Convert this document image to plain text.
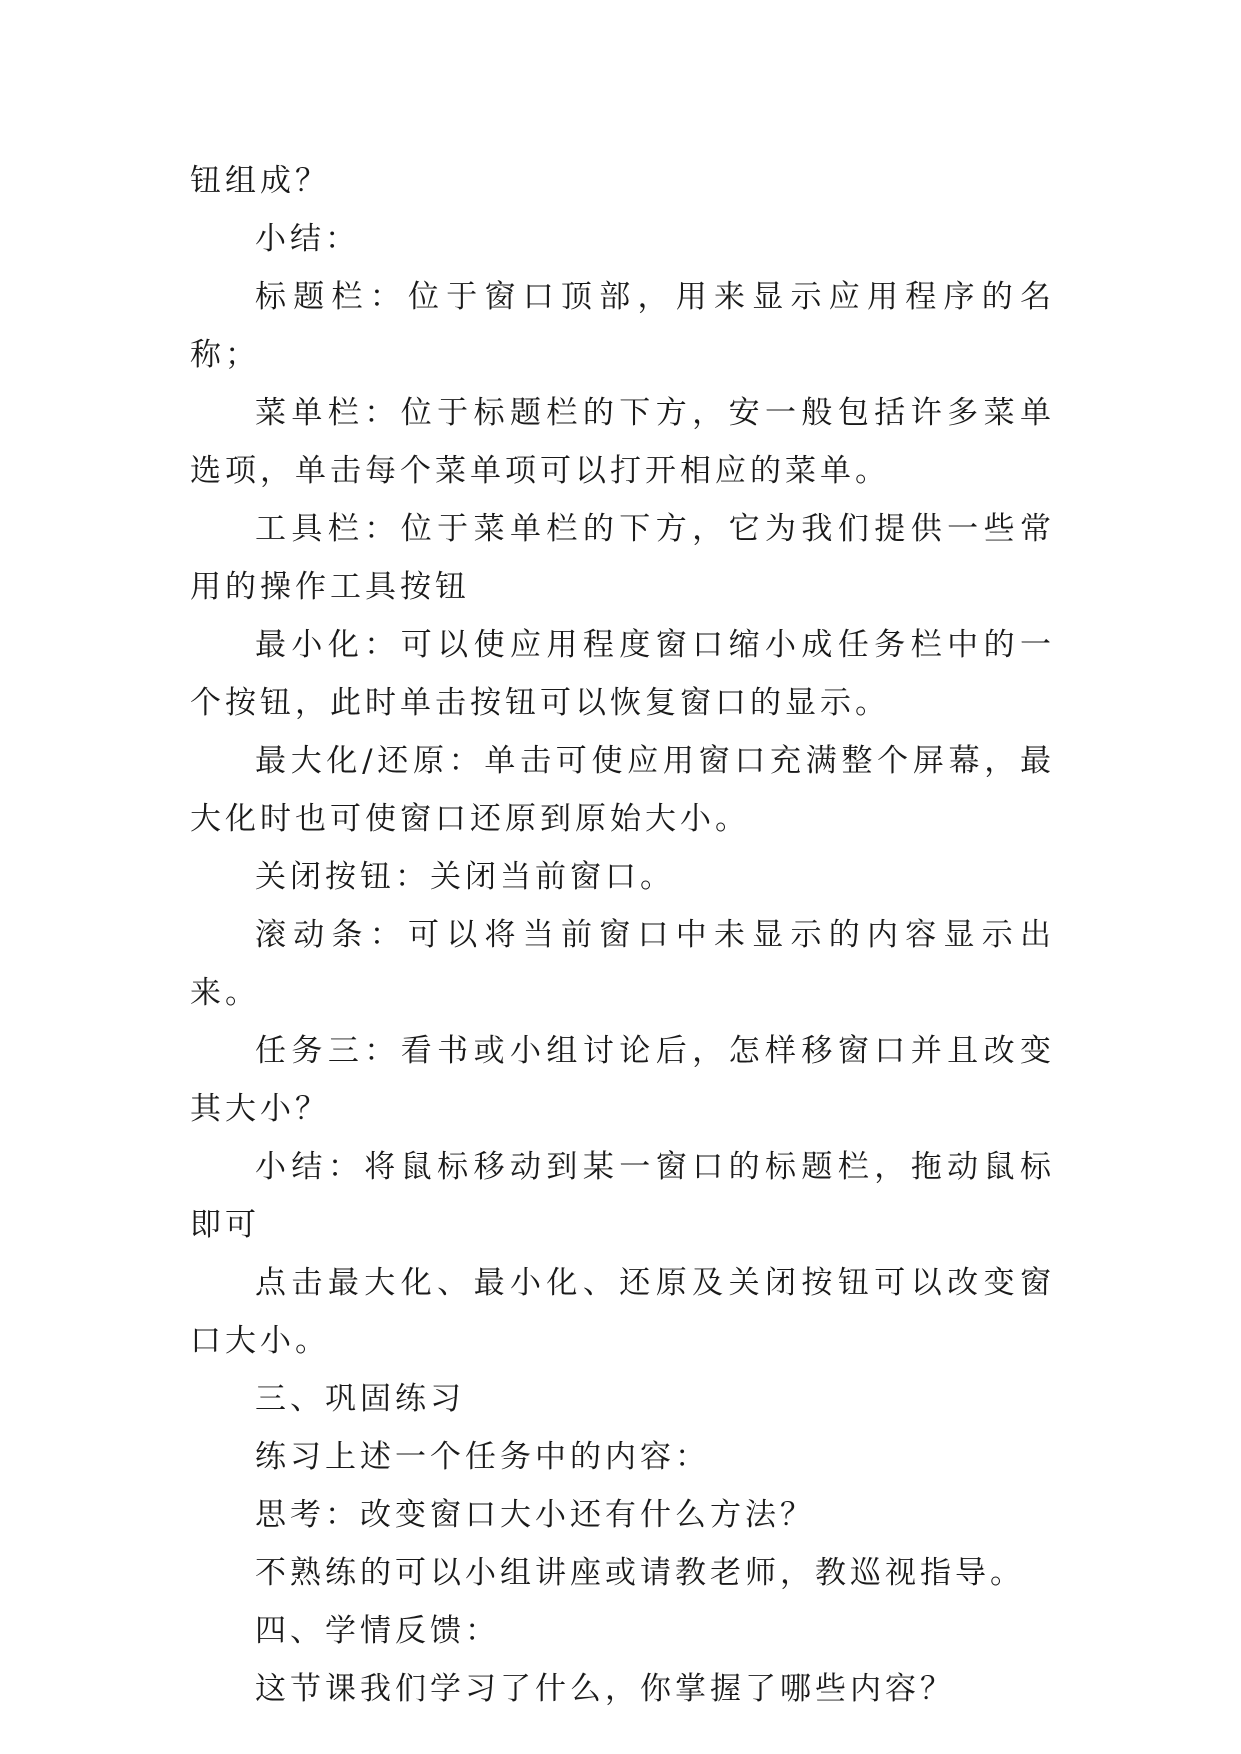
钮组成？

小结：

标题栏：位于窗口顶部，用来显示应用程序的名称；

菜单栏：位于标题栏的下方，安一般包括许多菜单选项，单击每个菜单项可以打开相应的菜单。

工具栏：位于菜单栏的下方，它为我们提供一些常用的操作工具按钮

最小化：可以使应用程度窗口缩小成任务栏中的一个按钮，此时单击按钮可以恢复窗口的显示。

最大化/还原：单击可使应用窗口充满整个屏幕，最大化时也可使窗口还原到原始大小。

关闭按钮：关闭当前窗口。

滚动条：可以将当前窗口中未显示的内容显示出来。

任务三：看书或小组讨论后，怎样移窗口并且改变其大小？

小结：将鼠标移动到某一窗口的标题栏，拖动鼠标即可

点击最大化、最小化、还原及关闭按钮可以改变窗口大小。

三、巩固练习

练习上述一个任务中的内容：

思考：改变窗口大小还有什么方法？

不熟练的可以小组讲座或请教老师，教巡视指导。

四、学情反馈：

这节课我们学习了什么，你掌握了哪些内容？
